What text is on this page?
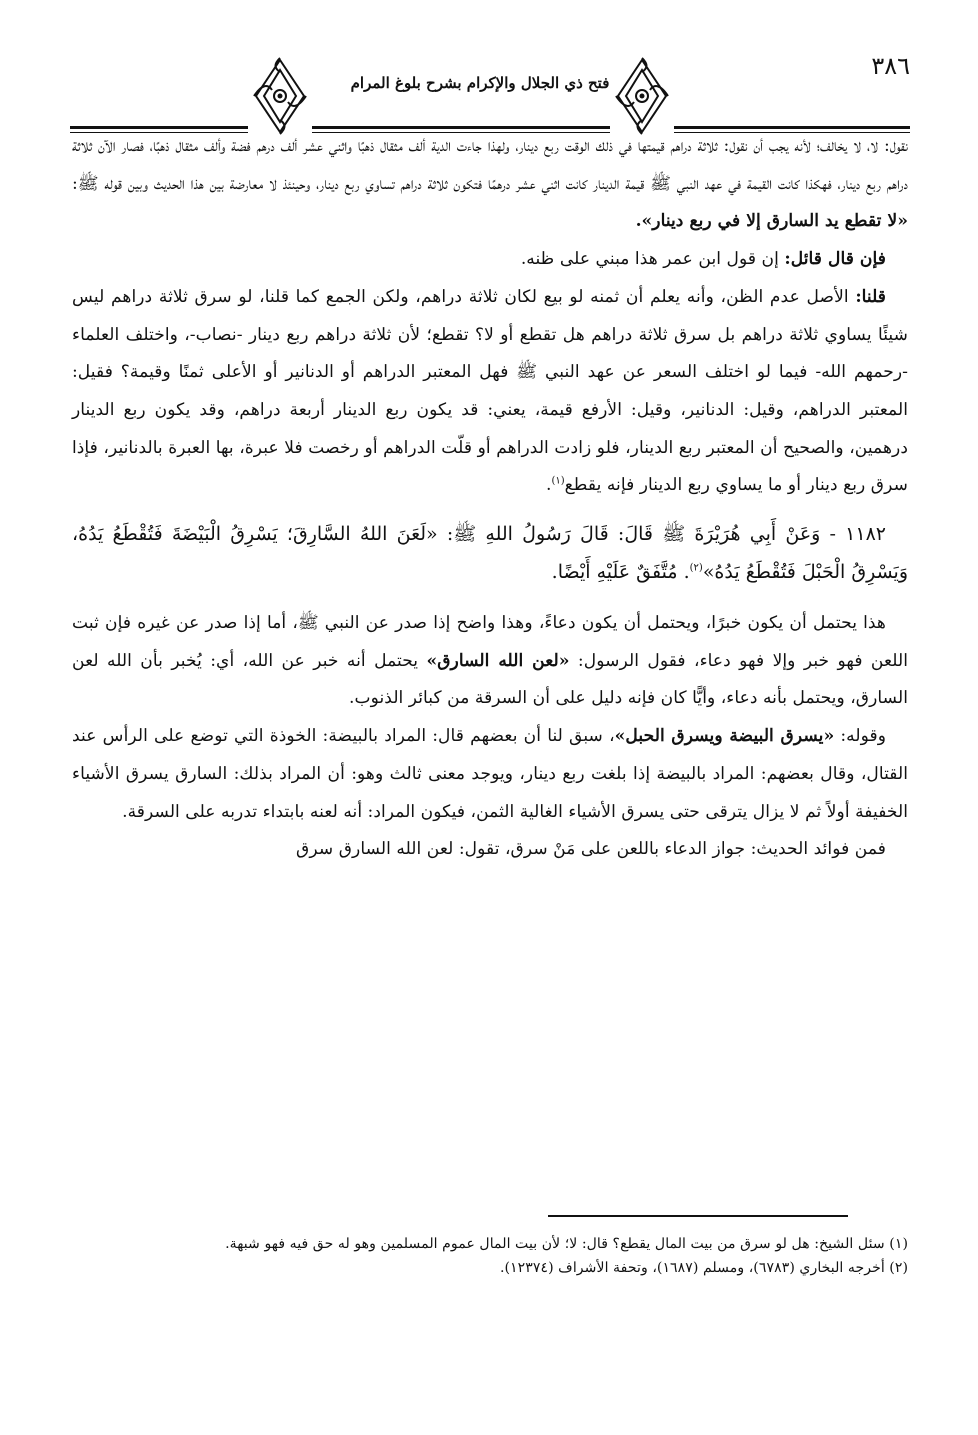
٣٨٦
فتح ذي الجلال والإكرام بشرح بلوغ المرام

نقول: لا، لا يخالف؛ لأنه يجب أن نقول: ثلاثة دراهم قيمتها في ذلك الوقت ربع دينار، ولهذا جاءت الدية ألف مثقال ذهبًا واثني عشر ألف درهم فضة وألف مثقال ذهبًا، فصار الآن ثلاثة دراهم ربع دينار، فهكذا كانت القيمة في عهد النبي ﷺ قيمة الدينار كانت اثني عشر درهمًا فتكون ثلاثة دراهم تساوي ربع دينار، وحينئذ لا معارضة بين هذا الحديث وبين قوله ﷺ: «لا تقطع يد السارق إلا في ربع دينار».

فإن قال قائل: إن قول ابن عمر هذا مبني على ظنه.

قلنا: الأصل عدم الظن، وأنه يعلم أن ثمنه لو بيع لكان ثلاثة دراهم، ولكن الجمع كما قلنا، لو سرق ثلاثة دراهم ليس شيئًا يساوي ثلاثة دراهم بل سرق ثلاثة دراهم هل تقطع أو لا؟ تقطع؛ لأن ثلاثة دراهم ربع دينار -نصاب-، واختلف العلماء -رحمهم الله- فيما لو اختلف السعر عن عهد النبي ﷺ فهل المعتبر الدراهم أو الدنانير أو الأعلى ثمنًا وقيمة؟ فقيل: المعتبر الدراهم، وقيل: الدنانير، وقيل: الأرفع قيمة، يعني: قد يكون ربع الدينار أربعة دراهم، وقد يكون ربع الدينار درهمين، والصحيح أن المعتبر ربع الدينار، فلو زادت الدراهم أو قلّت الدراهم أو رخصت فلا عبرة، بها العبرة بالدنانير، فإذا سرق ربع دينار أو ما يساوي ربع الدينار فإنه يقطع$^{(١)}$.

١١٨٢ - وَعَنْ أَبِي هُرَيْرَةَ ﷺ قَالَ: قَالَ رَسُولُ اللهِ ﷺ: «لَعَنَ اللهُ السَّارِقَ؛ يَسْرِقُ الْبَيْضَةَ فَتُقْطَعُ يَدُهُ، وَيَسْرِقُ الْحَبْلَ فَتُقْطَعُ يَدُهُ»$^{(٢)}$. مُتَّفَقٌ عَلَيْهِ أَيْضًا.

هذا يحتمل أن يكون خبرًا، ويحتمل أن يكون دعاءً، وهذا واضح إذا صدر عن النبي ﷺ، أما إذا صدر عن غيره فإن ثبت اللعن فهو خبر وإلا فهو دعاء، فقول الرسول: «لعن الله السارق» يحتمل أنه خبر عن الله، أي: يُخبر بأن الله لعن السارق، ويحتمل بأنه دعاء، وأيًّا كان فإنه دليل على أن السرقة من كبائر الذنوب.

وقوله: «يسرق البيضة ويسرق الحبل»، سبق لنا أن بعضهم قال: المراد بالبيضة: الخوذة التي توضع على الرأس عند القتال، وقال بعضهم: المراد بالبيضة إذا بلغت ربع دينار، ويوجد معنى ثالث وهو: أن المراد بذلك: السارق يسرق الأشياء الخفيفة أولاً ثم لا يزال يترقى حتى يسرق الأشياء الغالية الثمن، فيكون المراد: أنه لعنه بابتداء تدربه على السرقة.

فمن فوائد الحديث: جواز الدعاء باللعن على مَنْ سرق، تقول: لعن الله السارق سرق

(١) سئل الشيخ: هل لو سرق من بيت المال يقطع؟ قال: لا؛ لأن بيت المال عموم المسلمين وهو له حق فيه فهو شبهة.

(٢) أخرجه البخاري (٦٧٨٣)، ومسلم (١٦٨٧)، وتحفة الأشراف (١٢٣٧٤).
